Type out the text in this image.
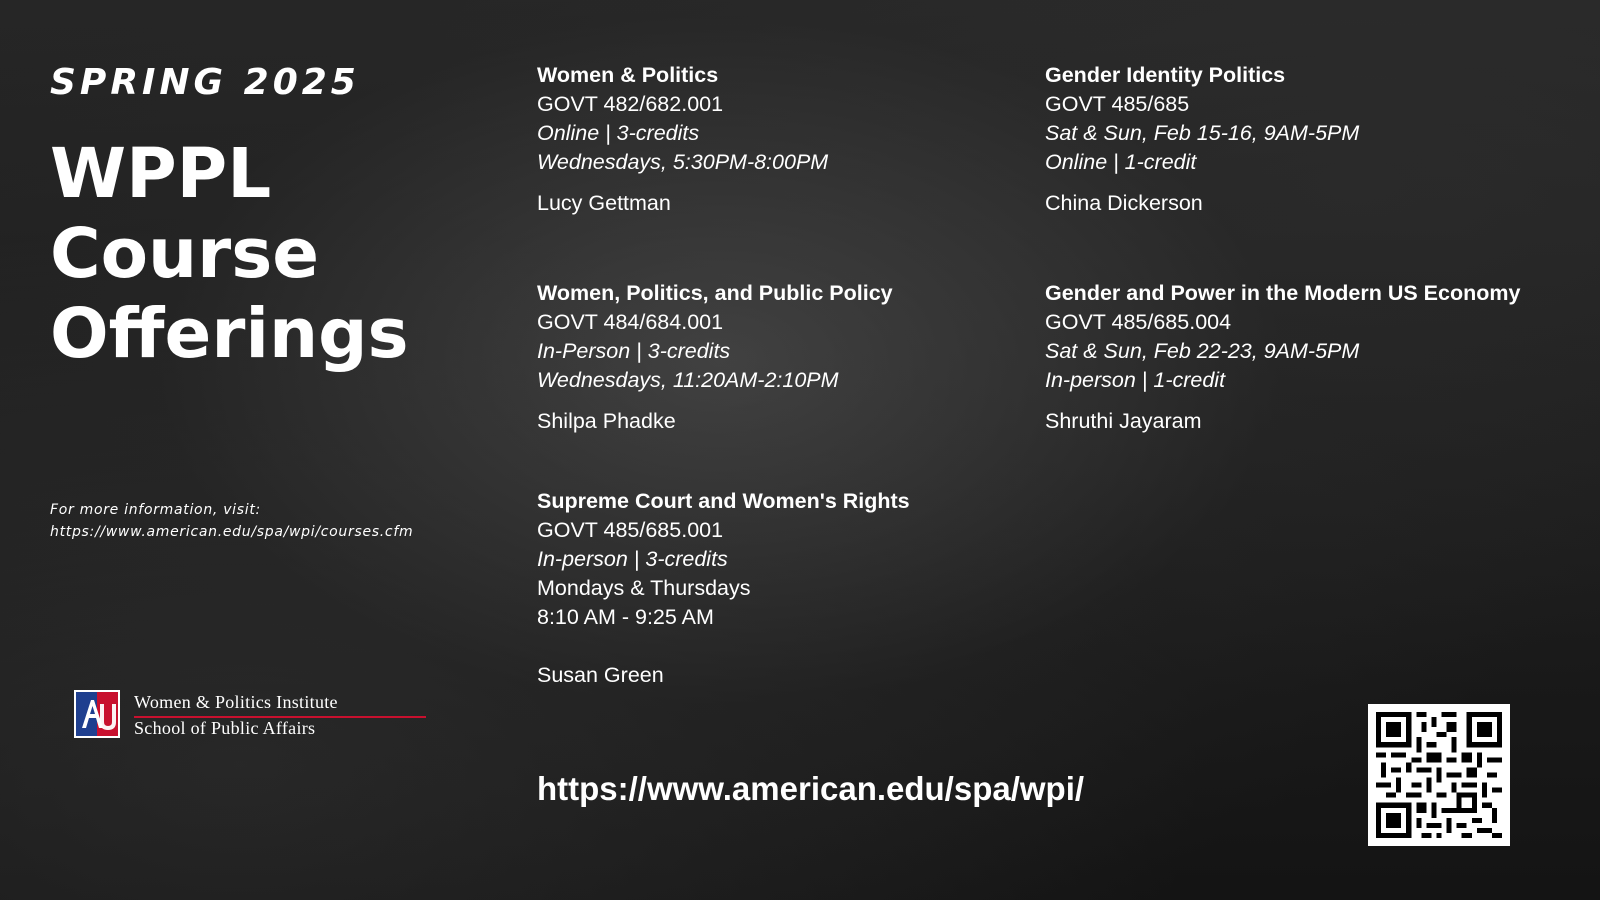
SPRING 2025
WPPL
Course
Offerings
For more information, visit:
https://www.american.edu/spa/wpi/courses.cfm
Women & Politics Institute
School of Public Affairs
Women & Politics
GOVT 482/682.001
Online | 3-credits
Wednesdays, 5:30PM-8:00PM
Lucy Gettman
Women, Politics, and Public Policy
GOVT 484/684.001
In-Person | 3-credits
Wednesdays, 11:20AM-2:10PM
Shilpa Phadke
Supreme Court and Women's Rights
GOVT 485/685.001
In-person | 3-credits
Mondays & Thursdays
8:10 AM - 9:25 AM
Susan Green
Gender Identity Politics
GOVT 485/685
Sat & Sun, Feb 15-16, 9AM-5PM
Online | 1-credit
China Dickerson
Gender and Power in the Modern US Economy
GOVT 485/685.004
Sat & Sun, Feb 22-23, 9AM-5PM
In-person | 1-credit
Shruthi Jayaram
https://www.american.edu/spa/wpi/
